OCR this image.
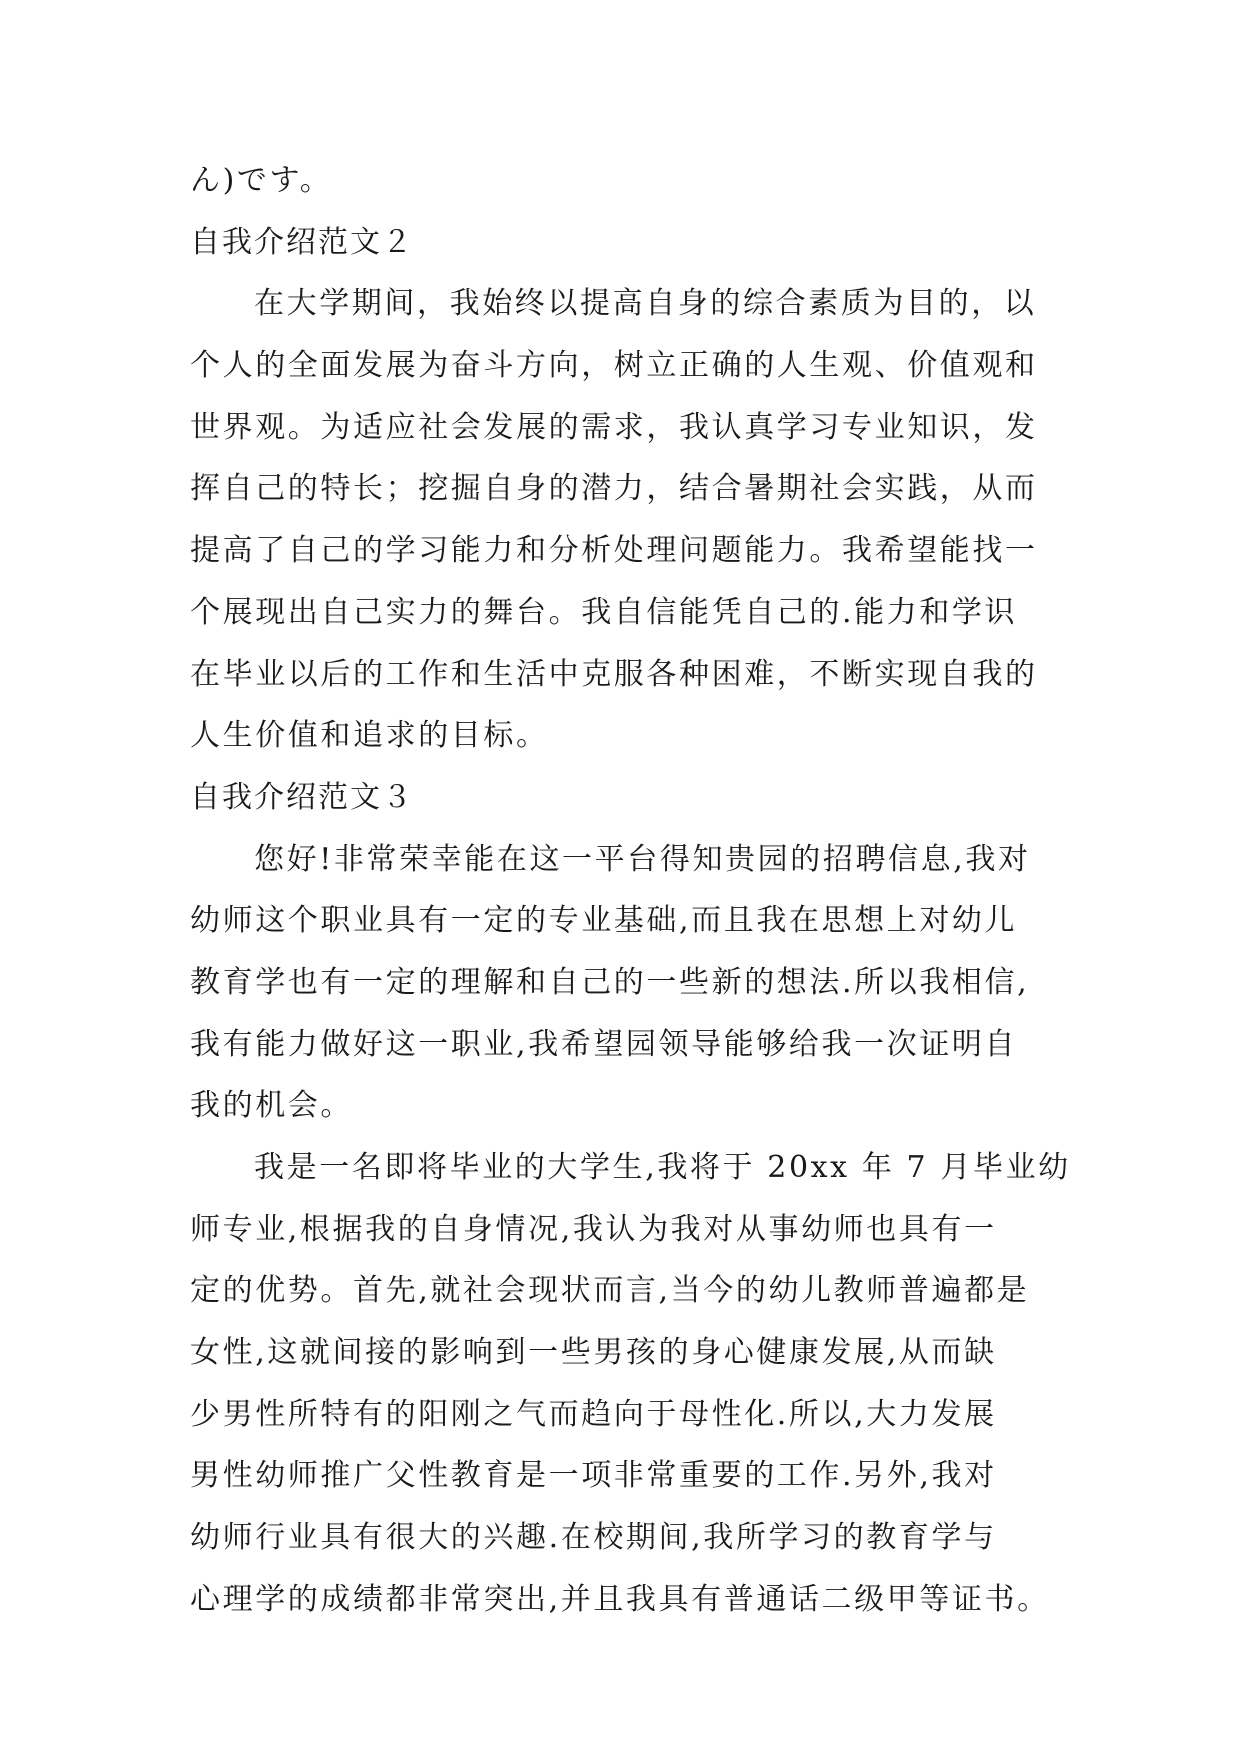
ん)です。
自我介绍范文２
在大学期间，我始终以提高自身的综合素质为目的，以
个人的全面发展为奋斗方向，树立正确的人生观、价值观和
世界观。为适应社会发展的需求，我认真学习专业知识，发
挥自己的特长；挖掘自身的潜力，结合暑期社会实践，从而
提高了自己的学习能力和分析处理问题能力。我希望能找一
个展现出自己实力的舞台。我自信能凭自己的.能力和学识
在毕业以后的工作和生活中克服各种困难，不断实现自我的
人生价值和追求的目标。
自我介绍范文３
您好!非常荣幸能在这一平台得知贵园的招聘信息,我对
幼师这个职业具有一定的专业基础,而且我在思想上对幼儿
教育学也有一定的理解和自己的一些新的想法.所以我相信,
我有能力做好这一职业,我希望园领导能够给我一次证明自
我的机会。
我是一名即将毕业的大学生,我将于 20xx 年 7 月毕业幼
师专业,根据我的自身情况,我认为我对从事幼师也具有一
定的优势。首先,就社会现状而言,当今的幼儿教师普遍都是
女性,这就间接的影响到一些男孩的身心健康发展,从而缺
少男性所特有的阳刚之气而趋向于母性化.所以,大力发展
男性幼师推广父性教育是一项非常重要的工作.另外,我对
幼师行业具有很大的兴趣.在校期间,我所学习的教育学与
心理学的成绩都非常突出,并且我具有普通话二级甲等证书。
